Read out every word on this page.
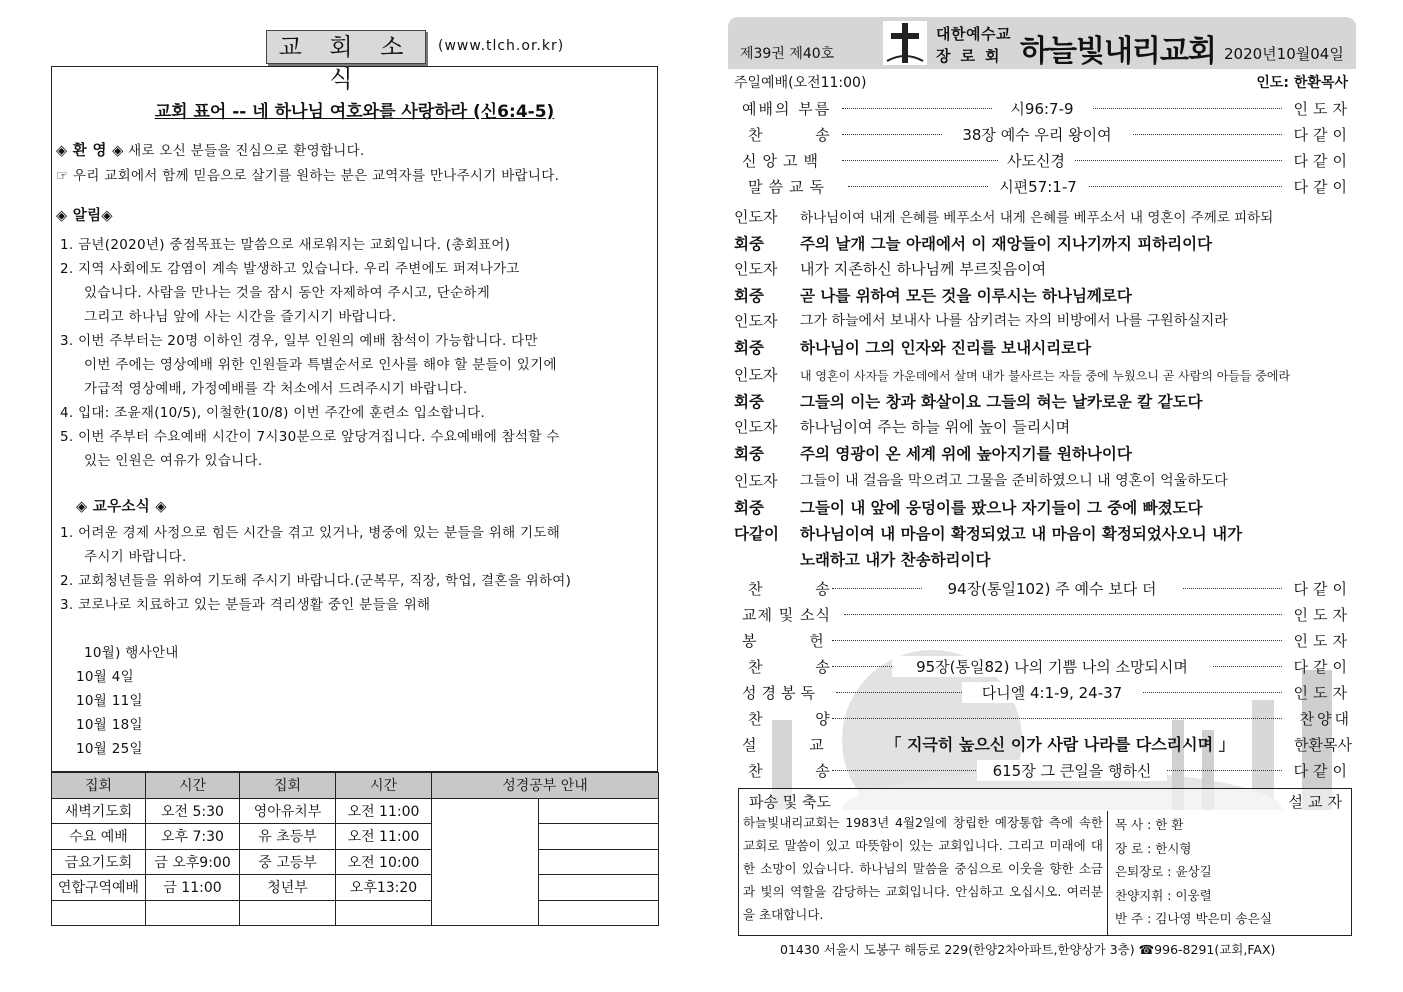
교 회 소 식
(www.tlch.or.kr)
교회 표어 -- 네 하나님 여호와를 사랑하라 (신6:4-5)
◈ 환 영 ◈ 새로 오신 분들을 진심으로 환영합니다.
☞ 우리 교회에서 함께 믿음으로 살기를 원하는 분은 교역자를 만나주시기 바랍니다.
◈ 알림◈
1. 금년(2020년) 중점목표는 말씀으로 새로워지는 교회입니다. (총회표어)
2. 지역 사회에도 감염이 계속 발생하고 있습니다. 우리 주변에도 퍼져나가고
있습니다. 사람을 만나는 것을 잠시 동안 자제하여 주시고, 단순하게
그리고 하나님 앞에 사는 시간을 즐기시기 바랍니다.
3. 이번 주부터는 20명 이하인 경우, 일부 인원의 예배 참석이 가능합니다. 다만
이번 주에는 영상예배 위한 인원들과 특별순서로 인사를 해야 할 분들이 있기에
가급적 영상예배, 가정예배를 각 처소에서 드려주시기 바랍니다.
4. 입대: 조윤재(10/5), 이철한(10/8) 이번 주간에 훈련소 입소합니다.
5. 이번 주부터 수요예배 시간이 7시30분으로 앞당겨집니다. 수요예배에 참석할 수
있는 인원은 여유가 있습니다.
◈ 교우소식 ◈
1. 어려운 경제 사정으로 힘든 시간을 겪고 있거나, 병중에 있는 분들을 위해 기도해
주시기 바랍니다.
2. 교회청년들을 위하여 기도해 주시기 바랍니다.(군복무, 직장, 학업, 결혼을 위하여)
3. 코로나로 치료하고 있는 분들과 격리생활 중인 분들을 위해
10월) 행사안내
10월 4일
10월 11일
10월 18일
10월 25일
집회	시간	집회	시간	성경공부 안내	
새벽기도회	오전 5:30	영아유치부	오전 11:00		
수요 예배	오후 7:30	유 초등부	오전 11:00		
금요기도회	금 오후9:00	중 고등부	오전 10:00		
연합구역예배	금 11:00	청년부	오후13:20		

제39권 제40호
대한예수교
장로회 하늘빛내리교회 2020년10월04일
주일예배(오전11:00)	인도: 한환목사
예배의 부름	시96:7-9	인도자
찬 송	38장 예수 우리 왕이여	다같이
신앙고백	사도신경	다같이
말씀교독	시편57:1-7	다같이
인도자	하나님이여 내게 은혜를 베푸소서 내게 은혜를 베푸소서 내 영혼이 주께로 피하되
회중	주의 날개 그늘 아래에서 이 재앙들이 지나기까지 피하리이다
인도자	내가 지존하신 하나님께 부르짖음이여
회중	곧 나를 위하여 모든 것을 이루시는 하나님께로다
인도자	그가 하늘에서 보내사 나를 삼키려는 자의 비방에서 나를 구원하실지라
회중	하나님이 그의 인자와 진리를 보내시리로다
인도자	내 영혼이 사자들 가운데에서 살며 내가 불사르는 자들 중에 누웠으니 곧 사람의 아들들 중에라
회중	그들의 이는 창과 화살이요 그들의 혀는 날카로운 칼 같도다
인도자	하나님이여 주는 하늘 위에 높이 들리시며
회중	주의 영광이 온 세계 위에 높아지기를 원하나이다
인도자	그들이 내 걸음을 막으려고 그물을 준비하였으니 내 영혼이 억울하도다
회중	그들이 내 앞에 웅덩이를 팠으나 자기들이 그 중에 빠졌도다
다같이	하나님이여 내 마음이 확정되었고 내 마음이 확정되었사오니 내가
노래하고 내가 찬송하리이다
찬 송	94장(통일102) 주 예수 보다 더	다같이
교제 및 소식	인도자
봉 헌	인도자
찬 송	95장(통일82) 나의 기쁨 나의 소망되시며	다같이
성경봉독	다니엘 4:1-9, 24-37	인도자
찬 양	찬양대
설 교	「 지극히 높으신 이가 사람 나라를 다스리시며 」	한환목사
찬 송	615장 그 큰일을 행하신	다같이
파송 및 축도	설교자
하늘빛내리교회는 1983년 4월2일에 창립한 예장통합 측에 속한 교회로 말씀이 있고 따뜻함이 있는 교회입니다. 그리고 미래에 대한 소망이 있습니다. 하나님의 말씀을 중심으로 이웃을 향한 소금과 빛의 역할을 감당하는 교회입니다. 안심하고 오십시오. 여러분을 초대합니다.
목 사 : 한 환
장 로 : 한시형
은퇴장로 : 윤상길
찬양지휘 : 이웅렬
반 주 : 김나영 박은미 송은실
01430 서울시 도봉구 해등로 229(한양2차아파트,한양상가 3층) ☎996-8291(교회,FAX)
